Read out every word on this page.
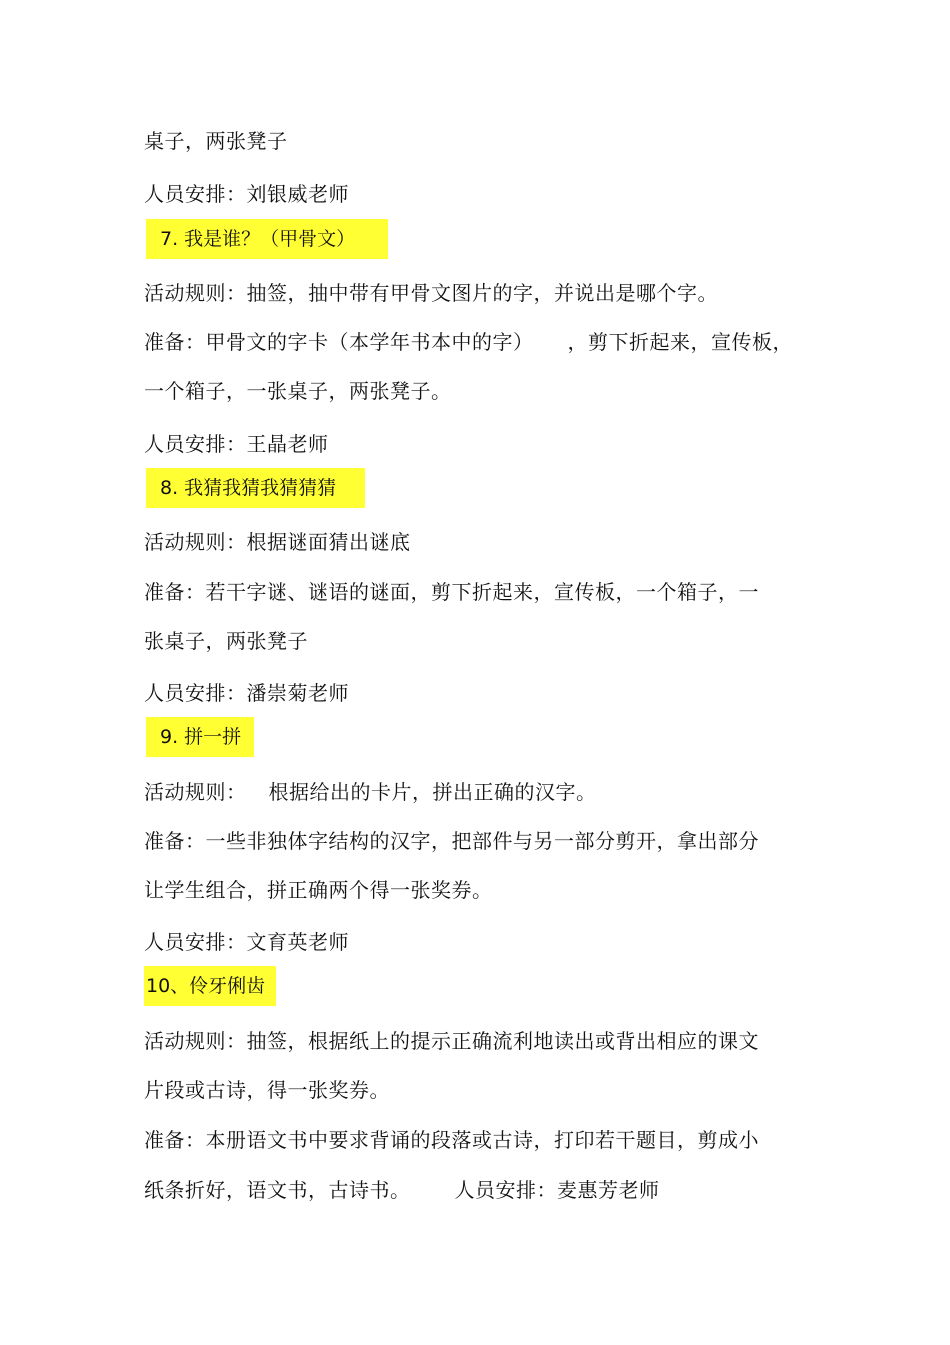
桌子，两张凳子
人员安排：刘银威老师
7. 我是谁？（甲骨文）
活动规则：抽签，抽中带有甲骨文图片的字，并说出是哪个字。
准备：甲骨文的字卡（本学年书本中的字） ，剪下折起来，宣传板，
一个箱子，一张桌子，两张凳子。
人员安排：王晶老师
8. 我猜我猜我猜猜猜
活动规则：根据谜面猜出谜底
准备：若干字谜、谜语的谜面，剪下折起来，宣传板，一个箱子，一
张桌子，两张凳子
人员安排：潘崇菊老师
9. 拼一拼
活动规则： 根据给出的卡片，拼出正确的汉字。
准备：一些非独体字结构的汉字，把部件与另一部分剪开，拿出部分
让学生组合，拼正确两个得一张奖券。
人员安排：文育英老师
10、伶牙俐齿
活动规则：抽签，根据纸上的提示正确流利地读出或背出相应的课文
片段或古诗，得一张奖券。
准备：本册语文书中要求背诵的段落或古诗，打印若干题目，剪成小
纸条折好，语文书，古诗书。 人员安排：麦惠芳老师
